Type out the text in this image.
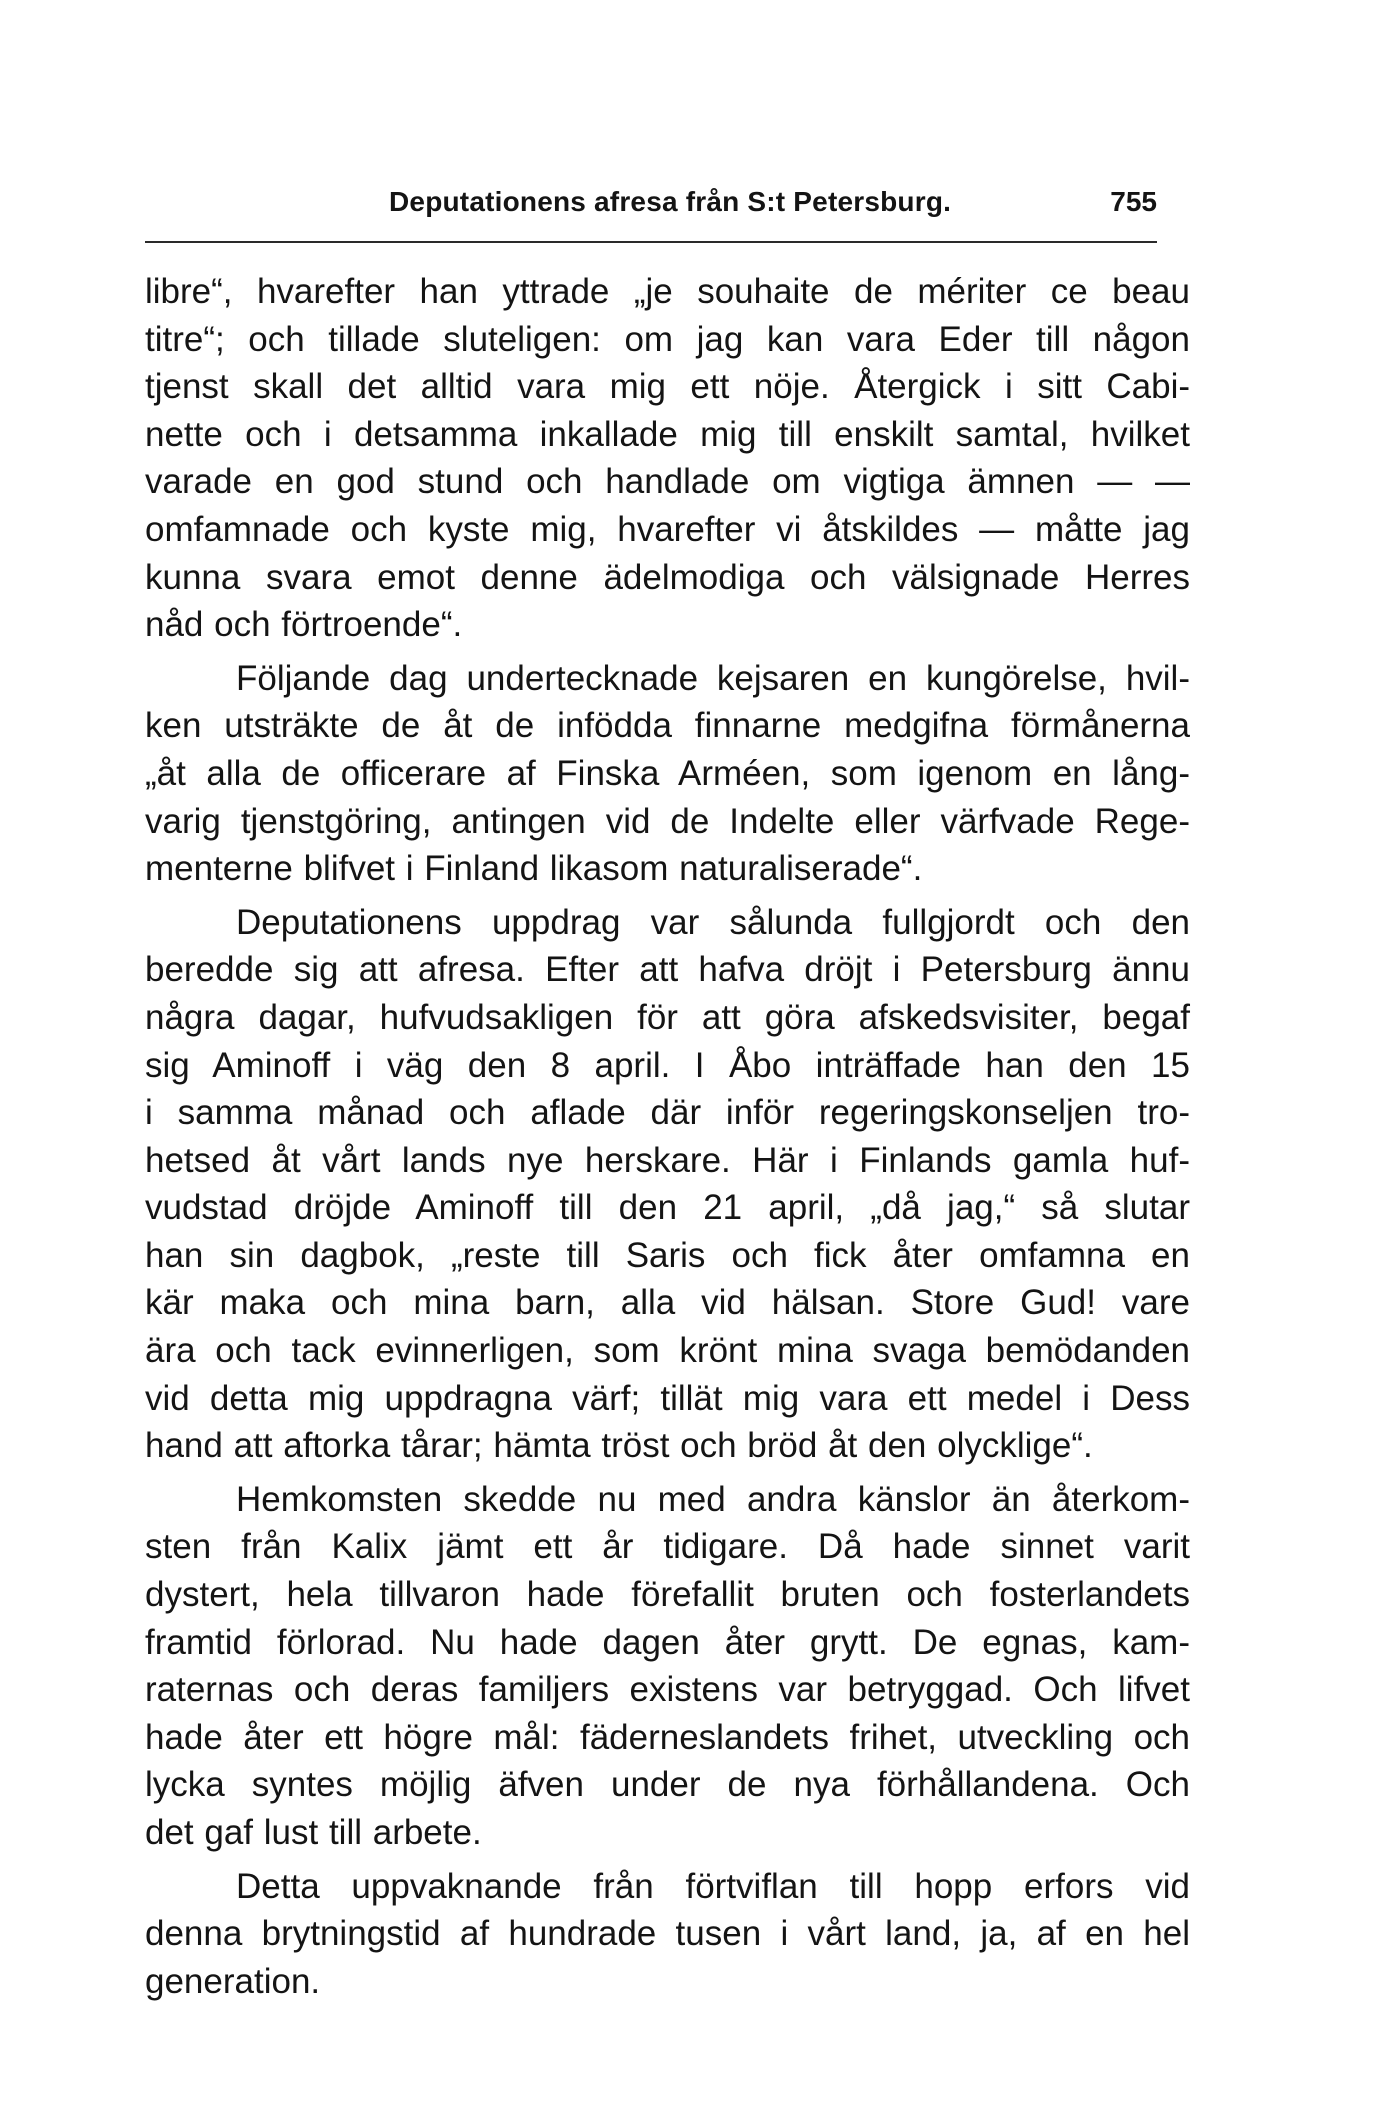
Deputationens afresa från S:t Petersburg.	755
libre“, hvarefter han yttrade „je souhaite de mériter ce beau
titre“; och tillade sluteligen: om jag kan vara Eder till någon
tjenst skall det alltid vara mig ett nöje. Återgick i sitt Cabi-
nette och i detsamma inkallade mig till enskilt samtal, hvilket
varade en god stund och handlade om vigtiga ämnen — —
omfamnade och kyste mig, hvarefter vi åtskildes — måtte jag
kunna svara emot denne ädelmodiga och välsignade Herres
nåd och förtroende“.
Följande dag undertecknade kejsaren en kungörelse, hvil-
ken utsträkte de åt de infödda finnarne medgifna förmånerna
„åt alla de officerare af Finska Arméen, som igenom en lång-
varig tjenstgöring, antingen vid de Indelte eller värfvade Rege-
menterne blifvet i Finland likasom naturaliserade“.
Deputationens uppdrag var sålunda fullgjordt och den
beredde sig att afresa. Efter att hafva dröjt i Petersburg ännu
några dagar, hufvudsakligen för att göra afskedsvisiter, begaf
sig Aminoff i väg den 8 april. I Åbo inträffade han den 15
i samma månad och aflade där inför regeringskonseljen tro-
hetsed åt vårt lands nye herskare. Här i Finlands gamla huf-
vudstad dröjde Aminoff till den 21 april, „då jag,“ så slutar
han sin dagbok, „reste till Saris och fick åter omfamna en
kär maka och mina barn, alla vid hälsan. Store Gud! vare
ära och tack evinnerligen, som krönt mina svaga bemödanden
vid detta mig uppdragna värf; tillät mig vara ett medel i Dess
hand att aftorka tårar; hämta tröst och bröd åt den olycklige“.
Hemkomsten skedde nu med andra känslor än återkom-
sten från Kalix jämt ett år tidigare. Då hade sinnet varit
dystert, hela tillvaron hade förefallit bruten och fosterlandets
framtid förlorad. Nu hade dagen åter grytt. De egnas, kam-
raternas och deras familjers existens var betryggad. Och lifvet
hade åter ett högre mål: fäderneslandets frihet, utveckling och
lycka syntes möjlig äfven under de nya förhållandena. Och
det gaf lust till arbete.
Detta uppvaknande från förtviflan till hopp erfors vid
denna brytningstid af hundrade tusen i vårt land, ja, af en hel
generation.
